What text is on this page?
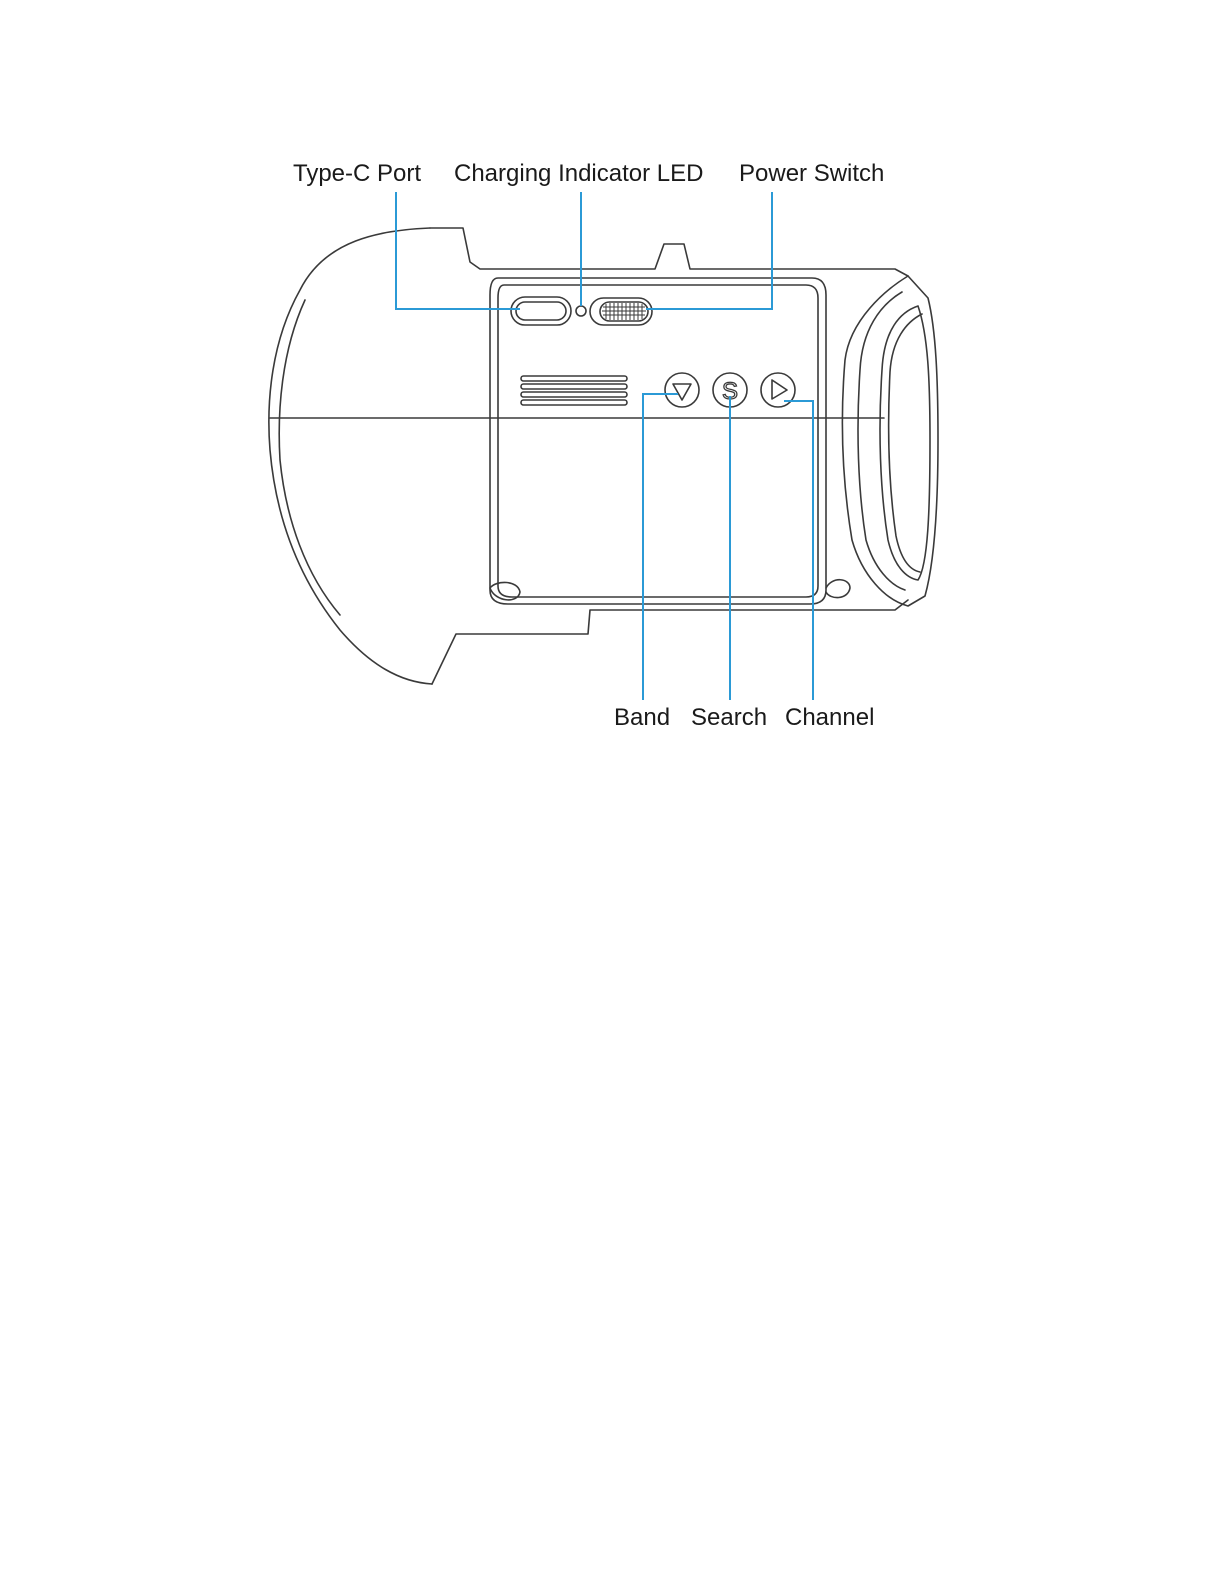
S
Type-C Port Charging Indicator LED Power Switch
Band Search Channel
